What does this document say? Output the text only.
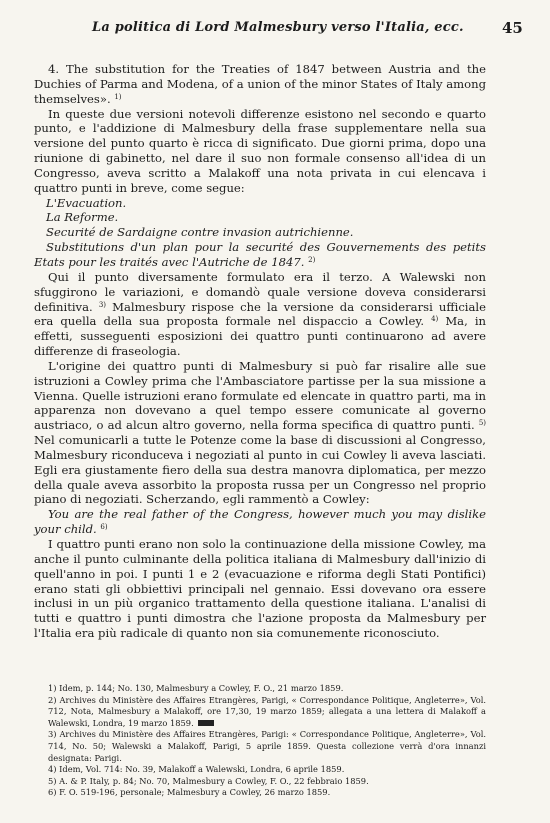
La politica di Lord Malmesbury verso l'Italia, ecc.	45

4. The substitution for the Treaties of 1847 between Austria and the Duchies of Parma and Modena, of a union of the minor States of Italy among themselves». $^{1)}$

In queste due versioni notevoli differenze esistono nel secondo e quarto punto, e l'addizione di Malmesbury della frase supplementare nella sua versione del punto quarto è ricca di significato. Due giorni prima, dopo una riunione di gabinetto, nel dare il suo non formale consenso all'idea di un Congresso, aveva scritto a Malakoff una nota privata in cui elencava i quattro punti in breve, come segue:

L'Evacuation.

La Reforme.

Securité de Sardaigne contre invasion autrichienne.

Substitutions d'un plan pour la securité des Gouvernements des petits Etats pour les traités avec l'Autriche de 1847. $^{2)}$

Qui il punto diversamente formulato era il terzo. A Walewski non sfuggirono le variazioni, e domandò quale versione doveva considerarsi definitiva. $^{3)}$ Malmesbury rispose che la versione da considerarsi ufficiale era quella della sua proposta formale nel dispaccio a Cowley. $^{4)}$ Ma, in effetti, susseguenti esposizioni dei quattro punti continuarono ad avere differenze di fraseologia.

L'origine dei quattro punti di Malmesbury si può far risalire alle sue istruzioni a Cowley prima che l'Ambasciatore partisse per la sua missione a Vienna. Quelle istruzioni erano formulate ed elencate in quattro parti, ma in apparenza non dovevano a quel tempo essere comunicate al governo austriaco, o ad alcun altro governo, nella forma specifica di quattro punti. $^{5)}$ Nel comunicarli a tutte le Potenze come la base di discussioni al Congresso, Malmesbury riconduceva i negoziati al punto in cui Cowley li aveva lasciati. Egli era giustamente fiero della sua destra manovra diplomatica, per mezzo della quale aveva assorbito la proposta russa per un Congresso nel proprio piano di negoziati. Scherzando, egli rammentò a Cowley:

You are the real father of the Congress, however much you may dislike your child. $^{6)}$

I quattro punti erano non solo la continuazione della missione Cowley, ma anche il punto culminante della politica italiana di Malmesbury dall'inizio di quell'anno in poi. I punti 1 e 2 (evacuazione e riforma degli Stati Pontifici) erano stati gli obbiettivi principali nel gennaio. Essi dovevano ora essere inclusi in un più organico trattamento della questione italiana. L'analisi di tutti e quattro i punti dimostra che l'azione proposta da Malmesbury per l'Italia era più radicale di quanto non sia comunemente riconosciuto.

1) Idem, p. 144; No. 130, Malmesbury a Cowley, F. O., 21 marzo 1859.

2) Archives du Ministère des Affaires Etrangères, Parigi, « Correspondance Politique, Angleterre», Vol. 712, Nota, Malmesbury a Malakoff, ore 17,30, 19 marzo 1859; allegata a una lettera di Malakoff a Walewski, Londra, 19 marzo 1859.

3) Archives du Ministère des Affaires Etrangères, Parigi: « Correspondance Politique, Angleterre», Vol. 714, No. 50; Walewski a Malakoff, Parigi, 5 aprile 1859. Questa collezione verrà d'ora innanzi designata: Parigi.

4) Idem, Vol. 714: No. 39, Malakoff a Walewski, Londra, 6 aprile 1859.

5) A. & P. Italy, p. 84; No. 70, Malmesbury a Cowley, F. O., 22 febbraio 1859.

6) F. O. 519-196, personale; Malmesbury a Cowley, 26 marzo 1859.
